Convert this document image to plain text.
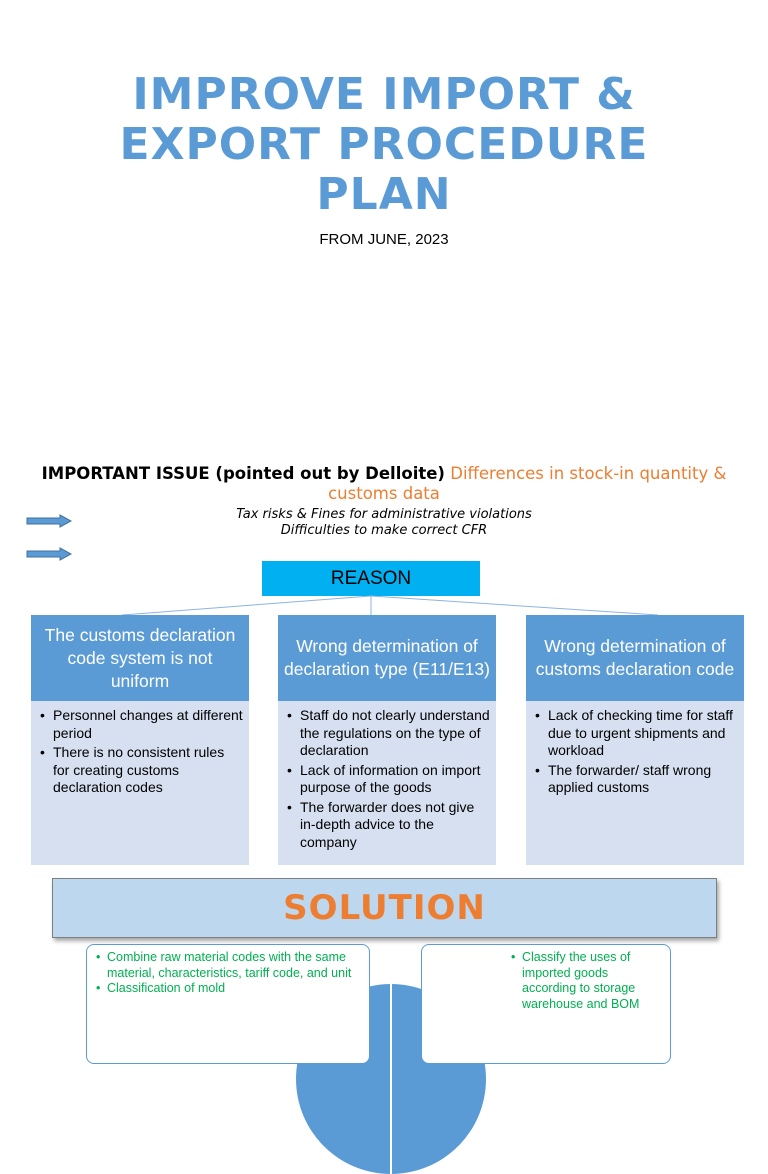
IMPROVE IMPORT &
EXPORT PROCEDURE
PLAN
FROM JUNE, 2023
IMPORTANT ISSUE (pointed out by Delloite) Differences in stock-in quantity & customs data
Tax risks & Fines for administrative violations
Difficulties to make correct CFR
REASON
The customs declaration code system is not uniform
• Personnel changes at different period
• There is no consistent rules for creating customs declaration codes
Wrong determination of declaration type (E11/E13)
• Staff do not clearly understand the regulations on the type of declaration
• Lack of information on import purpose of the goods
• The forwarder does not give in-depth advice to the company
Wrong determination of customs declaration code
• Lack of checking time for staff due to urgent shipments and workload
• The forwarder/ staff wrong applied customs
SOLUTION
• Combine raw material codes with the same material, characteristics, tariff code, and unit
• Classification of mold
• Classify the uses of imported goods according to storage warehouse and BOM
